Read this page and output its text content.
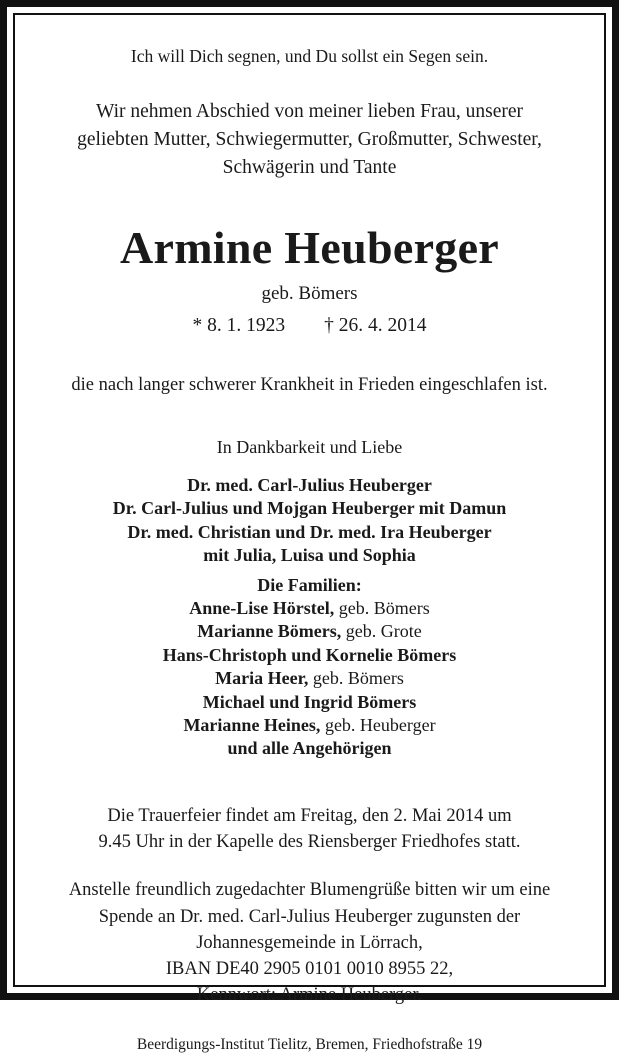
Ich will Dich segnen, und Du sollst ein Segen sein.
Wir nehmen Abschied von meiner lieben Frau, unserer
geliebten Mutter, Schwiegermutter, Großmutter, Schwester,
Schwägerin und Tante
Armine Heuberger
geb. Bömers
* 8. 1. 1923        † 26. 4. 2014
die nach langer schwerer Krankheit in Frieden eingeschlafen ist.
In Dankbarkeit und Liebe
Dr. med. Carl-Julius Heuberger
Dr. Carl-Julius und Mojgan Heuberger mit Damun
Dr. med. Christian und Dr. med. Ira Heuberger
mit Julia, Luisa und Sophia
Die Familien:
Anne-Lise Hörstel, geb. Bömers
Marianne Bömers, geb. Grote
Hans-Christoph und Kornelie Bömers
Maria Heer, geb. Bömers
Michael und Ingrid Bömers
Marianne Heines, geb. Heuberger
und alle Angehörigen
Die Trauerfeier findet am Freitag, den 2. Mai 2014 um
9.45 Uhr in der Kapelle des Riensberger Friedhofes statt.
Anstelle freundlich zugedachter Blumengrüße bitten wir um eine
Spende an Dr. med. Carl-Julius Heuberger zugunsten der
Johannesgemeinde in Lörrach,
IBAN DE40 2905 0101 0010 8955 22,
Kennwort: Armine Heuberger.
Beerdigungs-Institut Tielitz, Bremen, Friedhofstraße 19
